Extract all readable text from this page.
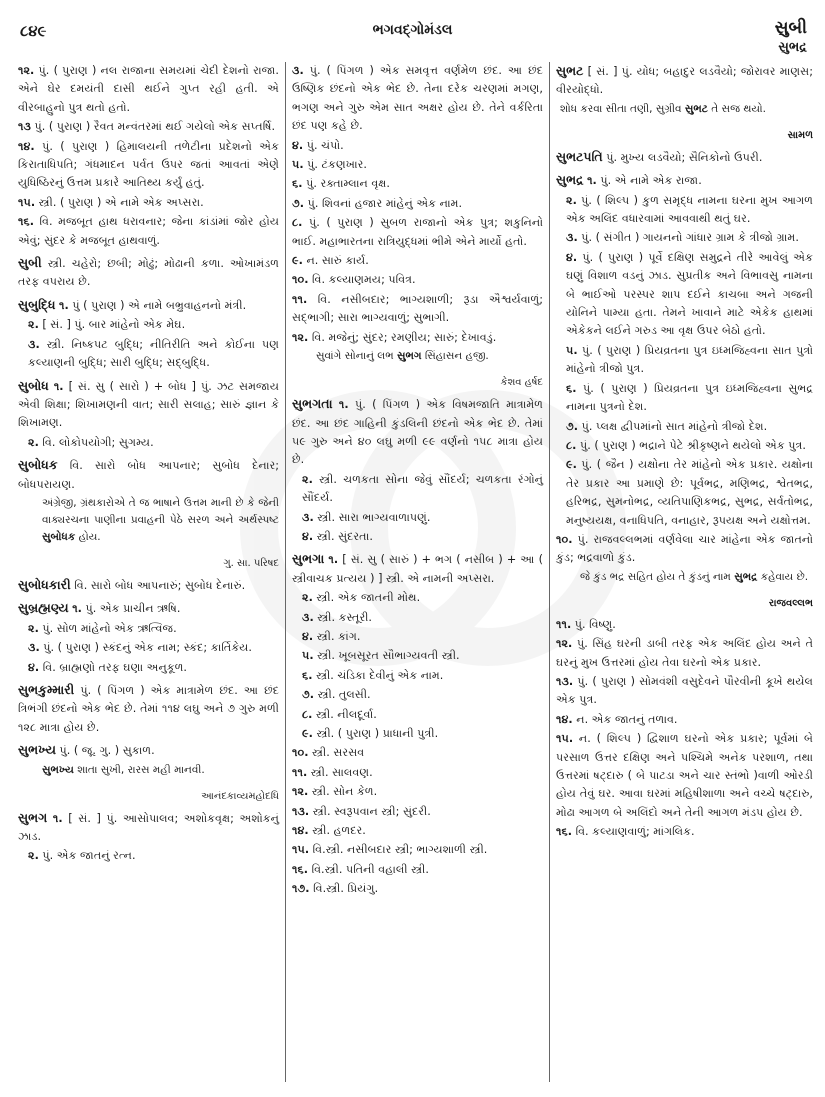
૮૪૯	ભગવદ્ગોમંડલ	સુબી
સુભદ્ર

૧૨. પું. ( પુરાણ ) નલ રાજાના સમયમાં ચેદી દેશનો રાજા. એને ઘેર દમયંતી દાસી થઈને ગુપ્ત રહી હતી. એ વીરબાહુનો પુત્ર થતો હતો.

૧૩ પું. ( પુરાણ ) રૈવત મન્વંતરમાં થઈ ગયેલો એક સપ્તર્ષિ.

૧૪. પું. ( પુરાણ ) હિમાલયની તળેટીના પ્રદેશનો એક કિરાતાધિપતિ; ગંધમાદન પર્વત ઉપર જતાં આવતાં એણે યુધિષ્ઠિરનું ઉત્તમ પ્રકારે આતિથ્ય કર્યું હતું.

૧૫. સ્ત્રી. ( પુરાણ ) એ નામે એક અપ્સરા.

૧૬. વિ. મજબૂત હાથ ધરાવનાર; જેના કાંડાંમાં જોર હોય એવું; સુંદર કે મજબૂત હાથવાળું.

સુબી સ્ત્રી. ચહેરો; છબી; મોઢું; મોઢાની કળા. ઓખામંડળ તરફ વપરાય છે.

સુબુદ્ધિ ૧. પું ( પુરાણ ) એ નામે બભ્રુવાહનનો મંત્રી.

૨. [ સં. ] પું. બાર માંહેનો એક મેઘ.

૩. સ્ત્રી. નિષ્કપટ બુદ્ધિ; નીતિરીતિ અને કોઈના પણ કલ્યાણની બુદ્ધિ; સારી બુદ્ધિ; સદ્બુદ્ધિ.

સુબોધ ૧. [ સં. સુ ( સારો ) + બોધ ] પું. ઝટ સમજાય એવી શિક્ષા; શિખામણની વાત; સારી સલાહ; સારું જ્ઞાન કે શિખામણ.

૨. વિ. લોકોપયોગી; સુગમ્ય.

સુબોધક વિ. સારો બોધ આપનાર; સુબોધ દેનાર; બોધપરાયણ.

અંગ્રેજી, ગ્રંથકારોએ તે જ ભાષાને ઉત્તમ માની છે કે જેની વાક્યરચના પાણીના પ્રવાહની પેઠે સરળ અને અર્થસ્પષ્ટ સુબોધક હોય.

ગુ. સા. પરિષદ

સુબોધકારી વિ. સારો બોધ આપનારું; સુબોધ દેનારું.

સુબ્રહ્મણ્ય ૧. પું. એક પ્રાચીન ઋષિ.

૨. પું. સોળ માંહેનો એક ઋત્વિજ.

૩. પું. ( પુરાણ ) સ્કંદનું એક નામ; સ્કંદ; કાર્તિકેય.

૪. વિ. બ્રાહ્મણો તરફ ઘણા અનુકૂળ.

સુભકુમ્મારી પું. ( પિંગળ ) એક માત્રામેળ છંદ. આ છંદ ત્રિભંગી છંદનો એક ભેદ છે. તેમાં ૧૧૪ લઘુ અને ૭ ગુરુ મળી ૧૨૮ માત્રા હોય છે.

સુભખ્ય પું. ( જૂ. ગુ. ) સુકાળ.

સુભખ્ય શાતા સુખી, રારસ મહી માનવી.

આનંદકાવ્યમહોદધિ

સુભગ ૧. [ સં. ] પું. આસોપાલવ; અશોકવૃક્ષ; અશોકનું ઝાડ.

૨. પું. એક જાતનું રત્ન.

૩. પું. ( પિંગળ ) એક સમવૃત્ત વર્ણમેળ છંદ. આ છંદ ઉષ્ણિક છંદનો એક ભેદ છે. તેના દરેક ચરણમાં મગણ, ભગણ અને ગુરુ એમ સાત અક્ષર હોય છે. તેને વર્કરિતા છંદ પણ કહે છે.

૪. પું. ચંપો.

૫. પું. ટંકણખાર.

૬. પું. રક્તામ્લાન વૃક્ષ.

૭. પું. શિવનાં હજાર માંહેનું એક નામ.

૮. પું. ( પુરાણ ) સુબળ રાજાનો એક પુત્ર; શકુનિનો ભાઈ. મહાભારતના રાત્રિયુદ્ધમાં ભીમે એને માર્યો હતો.

૯. ન. સારું કાર્ય.

૧૦. વિ. કલ્યાણમય; પવિત્ર.

૧૧. વિ. નસીબદાર; ભાગ્યશાળી; રૂડા ઐશ્વર્યવાળું; સદ્ભાગી; સારા ભાગ્યવાળું; સુભાગી.

૧૨. વિ. મજેનું; સુંદર; રમણીય; સારું; દેખાવડું.

સુવાંગે સોનાનું લભ સુભગ સિંહાસન હજી.

કેશવ હર્ષદ

સુભગતા ૧. પું. ( પિંગળ ) એક વિષમજાતિ માત્રામેળ છંદ. આ છંદ ગાહિની કુંડલિની છંદનો એક ભેદ છે. તેમાં ૫૯ ગુરુ અને ૪૦ લઘુ મળી ૯૯ વર્ણનો ૧૫૮ માત્રા હોય છે.

૨. સ્ત્રી. ચળકતા સોના જેવું સૌંદર્ય; ચળકતા રંગોનું સૌંદર્ય.

૩. સ્ત્રી. સારા ભાગ્યવાળાપણું.

૪. સ્ત્રી. સુંદરતા.

સુભગા ૧. [ સં. સુ ( સારું ) + ભગ ( નસીબ ) + આ ( સ્ત્રીવાચક પ્રત્યય ) ] સ્ત્રી. એ નામની અપ્સરા.

૨. સ્ત્રી. એક જાતની મોથ.

૩. સ્ત્રી. કસ્તૂરી.

૪. સ્ત્રી. કાંગ.

૫. સ્ત્રી. ખૂબસૂરત સૌભાગ્યવતી સ્ત્રી.

૬. સ્ત્રી. ચંડિકા દેવીનું એક નામ.

૭. સ્ત્રી. તુલસી.

૮. સ્ત્રી. નીલદૂર્વા.

૯. સ્ત્રી. ( પુરાણ ) પ્રાધાની પુત્રી.

૧૦. સ્ત્રી. સરસવ

૧૧. સ્ત્રી. સાલવણ.

૧૨. સ્ત્રી. સોન કેળ.

૧૩. સ્ત્રી. સ્વરૂપવાન સ્ત્રી; સુંદરી.

૧૪. સ્ત્રી. હળદર.

૧૫. વિ.સ્ત્રી. નસીબદાર સ્ત્રી; ભાગ્યશાળી સ્ત્રી.

૧૬. વિ.સ્ત્રી. પતિની વહાલી સ્ત્રી.

૧૭. વિ.સ્ત્રી. પ્રિયંગુ.

સુભટ [ સં. ] પું. યોધ; બહાદુર લડવૈયો; જોરાવર માણસ; વીરયોદ્ધો.

શોધ કરવા સીતા તણી, સુગ્રીવ સુભટ તે સજ થયો.

સામળ

સુભટપતિ પું. મુખ્ય લડવૈયો; સૈનિકોનો ઉપરી.

સુભદ્ર ૧. પું. એ નામે એક રાજા.

૨. પું. ( શિલ્પ ) કુળ સમૃદ્ધ નામના ઘરના મુખ આગળ એક અલિંદ વધારવામાં આવવાથી થતું ઘર.

૩. પું. ( સંગીત ) ગાયનનો ગાંધાર ગ્રામ કે ત્રીજો ગ્રામ.

૪. પું. ( પુરાણ ) પૂર્વે દક્ષિણ સમુદ્રને તીરે આવેલું એક ઘણું વિશાળ વડનું ઝાડ. સુપ્રતીક અને વિભાવસુ નામના બે ભાઈઓ પરસ્પર શાપ દઈને કાચબા અને ગજની યોનિને પામ્યા હતા. તેમને ખાવાને માટે એકેક હાથમાં એકેકને લઈને ગરુડ આ વૃક્ષ ઉપર બેઠો હતો.

૫. પું. ( પુરાણ ) પ્રિયવ્રતના પુત્ર ઇધ્મજિહ્વના સાત પુત્રો માંહેનો ત્રીજો પુત્ર.

૬. પું. ( પુરાણ ) પ્રિયવ્રતના પુત્ર ઇધ્મજિહ્વના સુભદ્ર નામના પુત્રનો દેશ.

૭. પું. પ્લક્ષ દ્વીપમાંનો સાત માંહેનો ત્રીજો દેશ.

૮. પું. ( પુરાણ ) ભદ્રાને પેટે શ્રીકૃષ્ણને થયેલો એક પુત્ર.

૯. પું. ( જૈન ) યક્ષોના તેર માંહેનો એક પ્રકાર. યક્ષોના તેર પ્રકાર આ પ્રમાણે છે: પૂર્વભદ્ર, મણિભદ્ર, શ્વેતભદ્ર, હરિભદ્ર, સુમનોભદ્ર, વ્યતિપાણિકભદ્ર, સુભદ્ર, સર્વતોભદ્ર, મનુષ્યયક્ષ, વનાધિપતિ, વનાહાર, રૂપયક્ષ અને યક્ષોત્તમ.

૧૦. પું. રાજવલ્લભમાં વર્ણવેલા ચાર માંહેના એક જાતનો કુંડ; ભદ્રવાળો કુંડ.

જે કુંડ ભદ્ર સહિત હોય તે કુંડનું નામ સુભદ્ર કહેવાય છે.

રાજવલ્લભ

૧૧. પું. વિષ્ણુ.

૧૨. પું. સિંહ ઘરની ડાબી તરફ એક અલિંદ હોય અને તે ઘરનું મુખ ઉત્તરમાં હોય તેવા ઘરનો એક પ્રકાર.

૧૩. પું. ( પુરાણ ) સોમવંશી વસુદેવને પૌરવીની કૂખે થયેલ એક પુત્ર.

૧૪. ન. એક જાતનું તળાવ.

૧૫. ન. ( શિલ્પ ) દ્વિશાળ ઘરનો એક પ્રકાર; પૂર્વમાં બે પરસાળ ઉત્તર દક્ષિણ અને પશ્ચિમે અનેક પરશાળ, તથા ઉત્તરમાં ષટ્દારુ ( બે પાટડા અને ચાર સ્તંભો )વાળી ઓરડી હોય તેવું ઘર. આવા ઘરમાં મહિષીશાળા અને વચ્ચે ષટ્દારુ, મોઢા આગળ બે અલિંદો અને તેની આગળ મંડપ હોય છે.

૧૬. વિ. કલ્યાણવાળું; માંગલિક.
